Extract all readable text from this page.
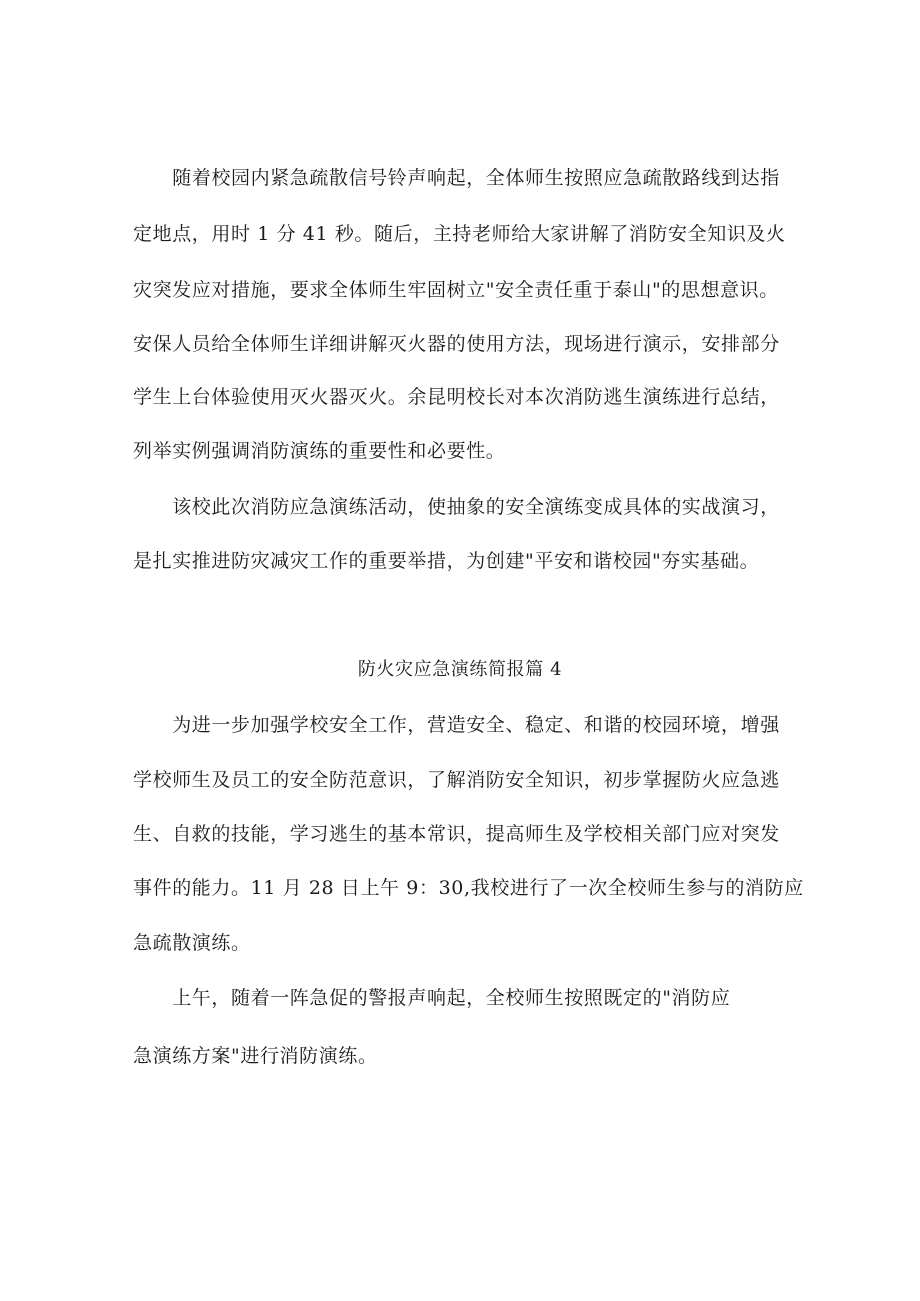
　　随着校园内紧急疏散信号铃声响起，全体师生按照应急疏散路线到达指
定地点，用时 1 分 41 秒。随后，主持老师给大家讲解了消防安全知识及火
灾突发应对措施，要求全体师生牢固树立"安全责任重于泰山"的思想意识。
安保人员给全体师生详细讲解灭火器的使用方法，现场进行演示，安排部分
学生上台体验使用灭火器灭火。余昆明校长对本次消防逃生演练进行总结，
列举实例强调消防演练的重要性和必要性。
　　该校此次消防应急演练活动，使抽象的安全演练变成具体的实战演习，
是扎实推进防灾减灾工作的重要举措，为创建"平安和谐校园"夯实基础。
防火灾应急演练简报篇 4
　　为进一步加强学校安全工作，营造安全、稳定、和谐的校园环境，增强
学校师生及员工的安全防范意识，了解消防安全知识，初步掌握防火应急逃
生、自救的技能，学习逃生的基本常识，提高师生及学校相关部门应对突发
事件的能力。11 月 28 日上午 9：30,我校进行了一次全校师生参与的消防应
急疏散演练。
　　上午，随着一阵急促的警报声响起，全校师生按照既定的"消防应
急演练方案"进行消防演练。
